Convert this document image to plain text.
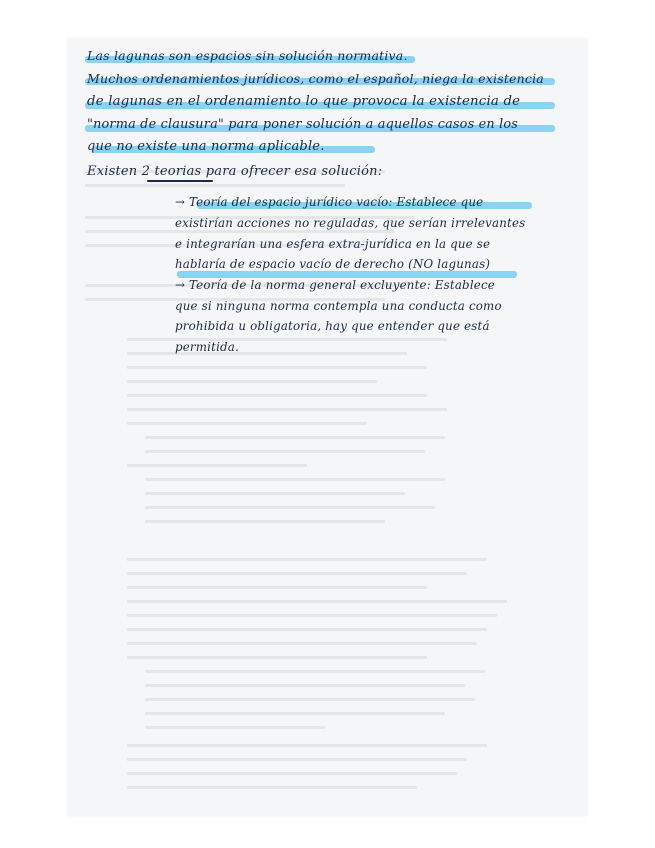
Las lagunas son espacios sin solución normativa.
Muchos ordenamientos jurídicos, como el español, niega la existencia
de lagunas en el ordenamiento lo que provoca la existencia de
"norma de clausura" para poner solución a aquellos casos en los
que no existe una norma aplicable.
Existen 2 teorias para ofrecer esa solución:
→ Teoría del espacio jurídico vacío: Establece que
existirían acciones no reguladas, que serían irrelevantes
e integrarían una esfera extra-jurídica en la que se
hablaría de espacio vacío de derecho (NO lagunas)
→ Teoría de la norma general excluyente: Establece
que si ninguna norma contempla una conducta como
prohibida u obligatoria, hay que entender que está
permitida.
